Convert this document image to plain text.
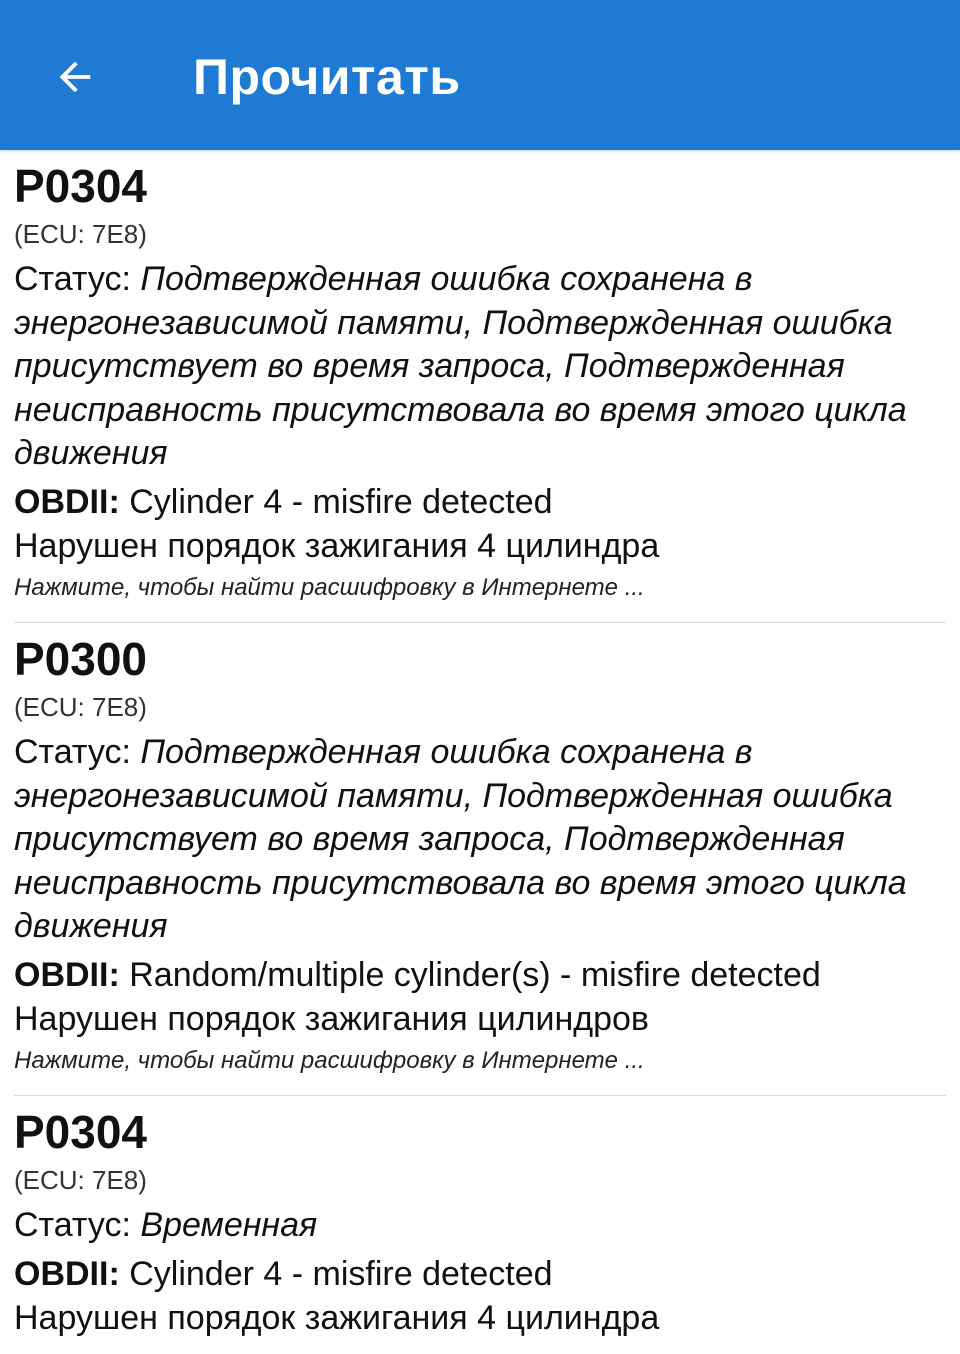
Прочитать
P0304
(ECU: 7E8)
Статус: Подтвержденная ошибка сохранена в энергонезависимой памяти, Подтвержденная ошибка присутствует во время запроса, Подтвержденная неисправность присутствовала во время этого цикла движения
OBDII: Cylinder 4 - misfire detected
Нарушен порядок зажигания 4 цилиндра
Нажмите, чтобы найти расшифровку в Интернете ...
P0300
(ECU: 7E8)
Статус: Подтвержденная ошибка сохранена в энергонезависимой памяти, Подтвержденная ошибка присутствует во время запроса, Подтвержденная неисправность присутствовала во время этого цикла движения
OBDII: Random/multiple cylinder(s) - misfire detected
Нарушен порядок зажигания цилиндров
Нажмите, чтобы найти расшифровку в Интернете ...
P0304
(ECU: 7E8)
Статус: Временная
OBDII: Cylinder 4 - misfire detected
Нарушен порядок зажигания 4 цилиндра
